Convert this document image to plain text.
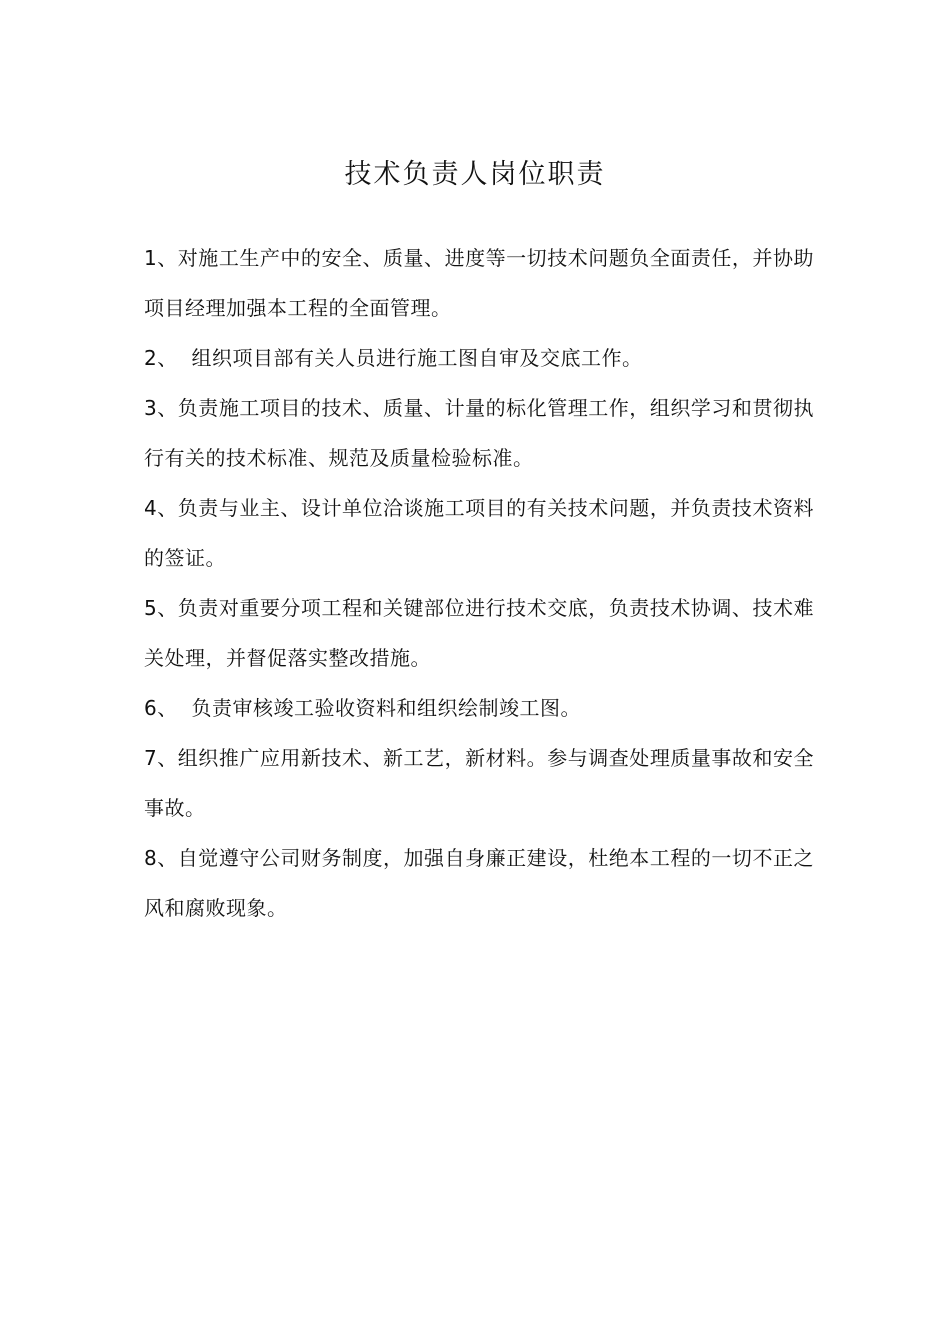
技术负责人岗位职责

1、对施工生产中的安全、质量、进度等一切技术问题负全面责任，并协助项目经理加强本工程的全面管理。

2、  组织项目部有关人员进行施工图自审及交底工作。

3、负责施工项目的技术、质量、计量的标化管理工作，组织学习和贯彻执行有关的技术标准、规范及质量检验标准。

4、负责与业主、设计单位洽谈施工项目的有关技术问题，并负责技术资料的签证。

5、负责对重要分项工程和关键部位进行技术交底，负责技术协调、技术难关处理，并督促落实整改措施。

6、  负责审核竣工验收资料和组织绘制竣工图。

7、组织推广应用新技术、新工艺，新材料。参与调查处理质量事故和安全事故。

8、自觉遵守公司财务制度，加强自身廉正建设，杜绝本工程的一切不正之风和腐败现象。
